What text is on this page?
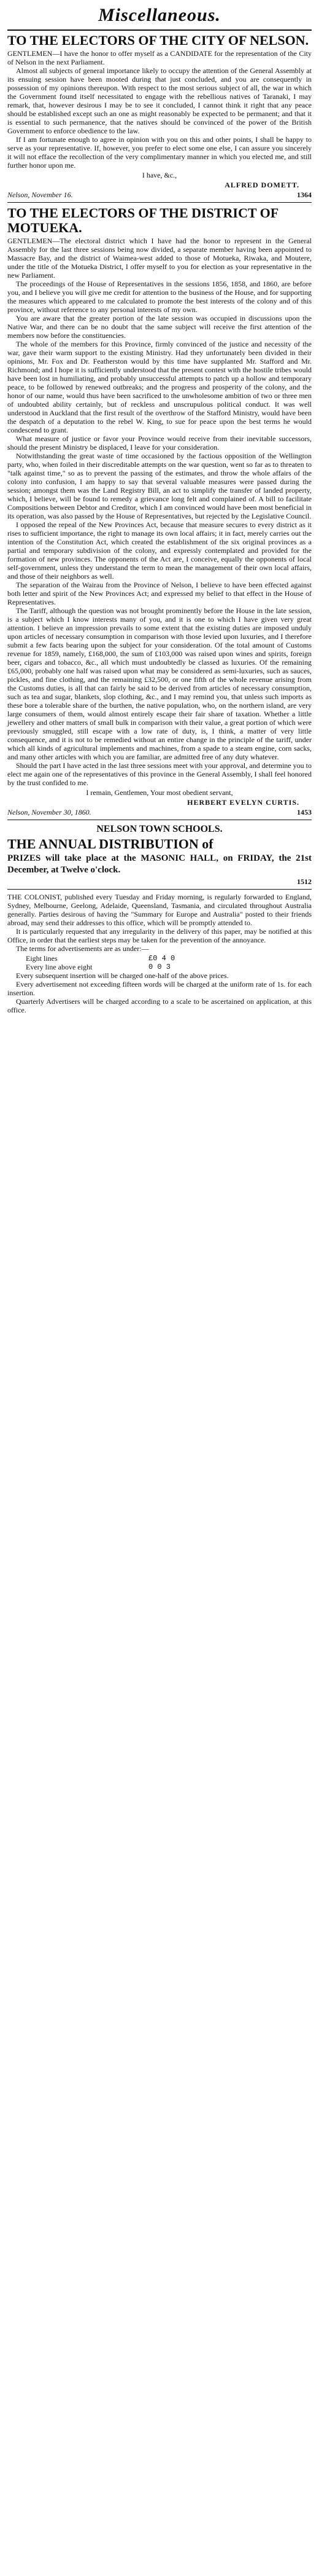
Miscellaneous.
TO THE ELECTORS OF THE CITY OF NELSON.

GENTLEMEN—I have the honor to offer myself as a CANDIDATE for the representation of the City of Nelson in the next Parliament.

Almost all subjects of general importance likely to occupy the attention of the General Assembly at its ensuing session have been mooted during that just concluded, and you are consequently in possession of my opinions thereupon. With respect to the most serious subject of all, the war in which the Government found itself necessitated to engage with the rebellious natives of Taranaki, I may remark, that, however desirous I may be to see it concluded, I cannot think it right that any peace should be established except such an one as might reasonably be expected to be permanent; and that it is essential to such permanence, that the natives should be convinced of the power of the British Government to enforce obedience to the law.

If I am fortunate enough to agree in opinion with you on this and other points, I shall be happy to serve as your representative. If, however, you prefer to elect some one else, I can assure you sincerely it will not efface the recollection of the very complimentary manner in which you elected me, and still further honor upon me.

I have, &c.,

ALFRED DOMETT.
Nelson, November 16.	1364
TO THE ELECTORS OF THE DISTRICT OF MOTUEKA.

GENTLEMEN—The electoral district which I have had the honor to represent in the General Assembly for the last three sessions being now divided, a separate member having been appointed to Massacre Bay, and the district of Waimea-west added to those of Motueka, Riwaka, and Moutere, under the title of the Motueka District, I offer myself to you for election as your representative in the new Parliament.

The proceedings of the House of Representatives in the sessions 1856, 1858, and 1860, are before you, and I believe you will give me credit for attention to the business of the House, and for supporting the measures which appeared to me calculated to promote the best interests of the colony and of this province, without reference to any personal interests of my own.

You are aware that the greater portion of the late session was occupied in discussions upon the Native War, and there can be no doubt that the same subject will receive the first attention of the members now before the constituencies.

The whole of the members for this Province, firmly convinced of the justice and necessity of the war, gave their warm support to the existing Ministry. Had they unfortunately been divided in their opinions, Mr. Fox and Dr. Featherston would by this time have supplanted Mr. Stafford and Mr. Richmond; and I hope it is sufficiently understood that the present contest with the hostile tribes would have been lost in humiliating, and probably unsuccessful attempts to patch up a hollow and temporary peace, to be followed by renewed outbreaks; and the progress and prosperity of the colony, and the honor of our name, would thus have been sacrificed to the unwholesome ambition of two or three men of undoubted ability certainly, but of reckless and unscrupulous political conduct. It was well understood in Auckland that the first result of the overthrow of the Stafford Ministry, would have been the despatch of a deputation to the rebel W. King, to sue for peace upon the best terms he would condescend to grant.

What measure of justice or favor your Province would receive from their inevitable successors, should the present Ministry be displaced, I leave for your consideration.

Notwithstanding the great waste of time occasioned by the factious opposition of the Wellington party, who, when foiled in their discreditable attempts on the war question, went so far as to threaten to "talk against time," so as to prevent the passing of the estimates, and throw the whole affairs of the colony into confusion, I am happy to say that several valuable measures were passed during the session; amongst them was the Land Registry Bill, an act to simplify the transfer of landed property, which, I believe, will be found to remedy a grievance long felt and complained of. A bill to facilitate Compositions between Debtor and Creditor, which I am convinced would have been most beneficial in its operation, was also passed by the House of Representatives, but rejected by the Legislative Council.

I opposed the repeal of the New Provinces Act, because that measure secures to every district as it rises to sufficient importance, the right to manage its own local affairs; it in fact, merely carries out the intention of the Constitution Act, which created the establishment of the six original provinces as a partial and temporary subdivision of the colony, and expressly contemplated and provided for the formation of new provinces. The opponents of the Act are, I conceive, equally the opponents of local self-government, unless they understand the term to mean the management of their own local affairs, and those of their neighbors as well.

The separation of the Wairau from the Province of Nelson, I believe to have been effected against both letter and spirit of the New Provinces Act; and expressed my belief to that effect in the House of Representatives.

The Tariff, although the question was not brought prominently before the House in the late session, is a subject which I know interests many of you, and it is one to which I have given very great attention. I believe an impression prevails to some extent that the existing duties are imposed unduly upon articles of necessary consumption in comparison with those levied upon luxuries, and I therefore submit a few facts bearing upon the subject for your consideration. Of the total amount of Customs revenue for 1859, namely, £168,000, the sum of £103,000 was raised upon wines and spirits, foreign beer, cigars and tobacco, &c., all which must undoubtedly be classed as luxuries. Of the remaining £65,000, probably one half was raised upon what may be considered as semi-luxuries, such as sauces, pickles, and fine clothing, and the remaining £32,500, or one fifth of the whole revenue arising from the Customs duties, is all that can fairly be said to be derived from articles of necessary consumption, such as tea and sugar, blankets, slop clothing, &c., and I may remind you, that unless such imports as these bore a tolerable share of the burthen, the native population, who, on the northern island, are very large consumers of them, would almost entirely escape their fair share of taxation. Whether a little jewellery and other matters of small bulk in comparison with their value, a great portion of which were previously smuggled, still escape with a low rate of duty, is, I think, a matter of very little consequence, and it is not to be remedied without an entire change in the principle of the tariff, under which all kinds of agricultural implements and machines, from a spade to a steam engine, corn sacks, and many other articles with which you are familiar, are admitted free of any duty whatever.

Should the part I have acted in the last three sessions meet with your approval, and determine you to elect me again one of the representatives of this province in the General Assembly, I shall feel honored by the trust confided to me.

I remain, Gentlemen, Your most obedient servant,

HERBERT EVELYN CURTIS.
Nelson, November 30, 1860.	1453
NELSON TOWN SCHOOLS.
THE ANNUAL DISTRIBUTION of

PRIZES will take place at the MASONIC HALL, on FRIDAY, the 21st December, at Twelve o'clock.

1512

THE COLONIST, published every Tuesday and Friday morning, is regularly forwarded to England, Sydney, Melbourne, Geelong, Adelaide, Queensland, Tasmania, and circulated throughout Australia generally. Parties desirous of having the "Summary for Europe and Australia" posted to their friends abroad, may send their addresses to this office, which will be promptly attended to.

It is particularly requested that any irregularity in the delivery of this paper, may be notified at this Office, in order that the earliest steps may be taken for the prevention of the annoyance.

The terms for advertisements are as under:—

Eight lines	£0 4 0
Every line above eight	0 0 3

Every subsequent insertion will be charged one-half of the above prices.

Every advertisement not exceeding fifteen words will be charged at the uniform rate of 1s. for each insertion.

Quarterly Advertisers will be charged according to a scale to be ascertained on application, at this office.
